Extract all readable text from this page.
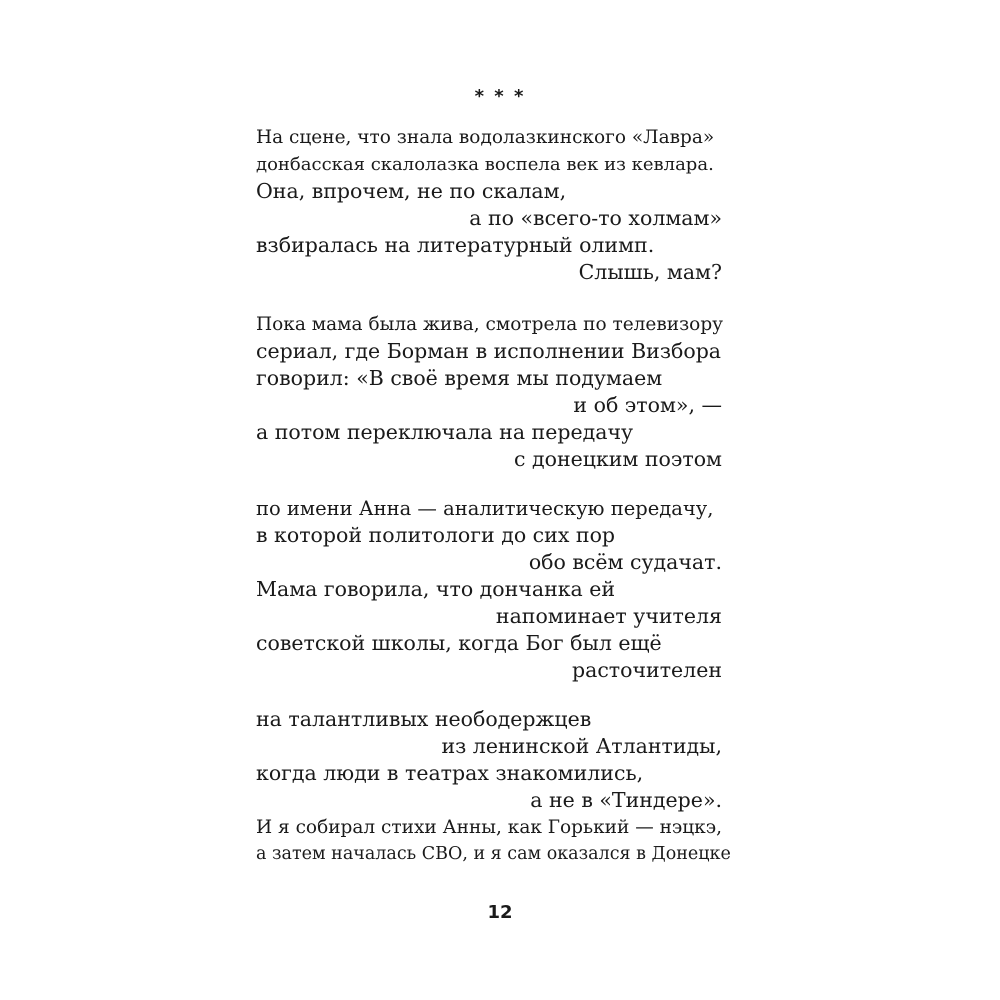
* * *
На сцене, что знала водолазкинского «Лавра»
донбасская скалолазка воспела век из кевлара.
Она, впрочем, не по скалам,
а по «всего-то холмам»
взбиралась на литературный олимп.
Слышь, мам?
Пока мама была жива, смотрела по телевизору
сериал, где Борман в исполнении Визбора
говорил: «В своё время мы подумаем
и об этом», —
а потом переключала на передачу
с донецким поэтом
по имени Анна — аналитическую передачу,
в которой политологи до сих пор
обо всём судачат.
Мама говорила, что дончанка ей
напоминает учителя
советской школы, когда Бог был ещё
расточителен
на талантливых неободержцев
из ленинской Атлантиды,
когда люди в театрах знакомились,
а не в «Тиндере».
И я собирал стихи Анны, как Горький — нэцкэ,
а затем началась СВО, и я сам оказался в Донецке
12
